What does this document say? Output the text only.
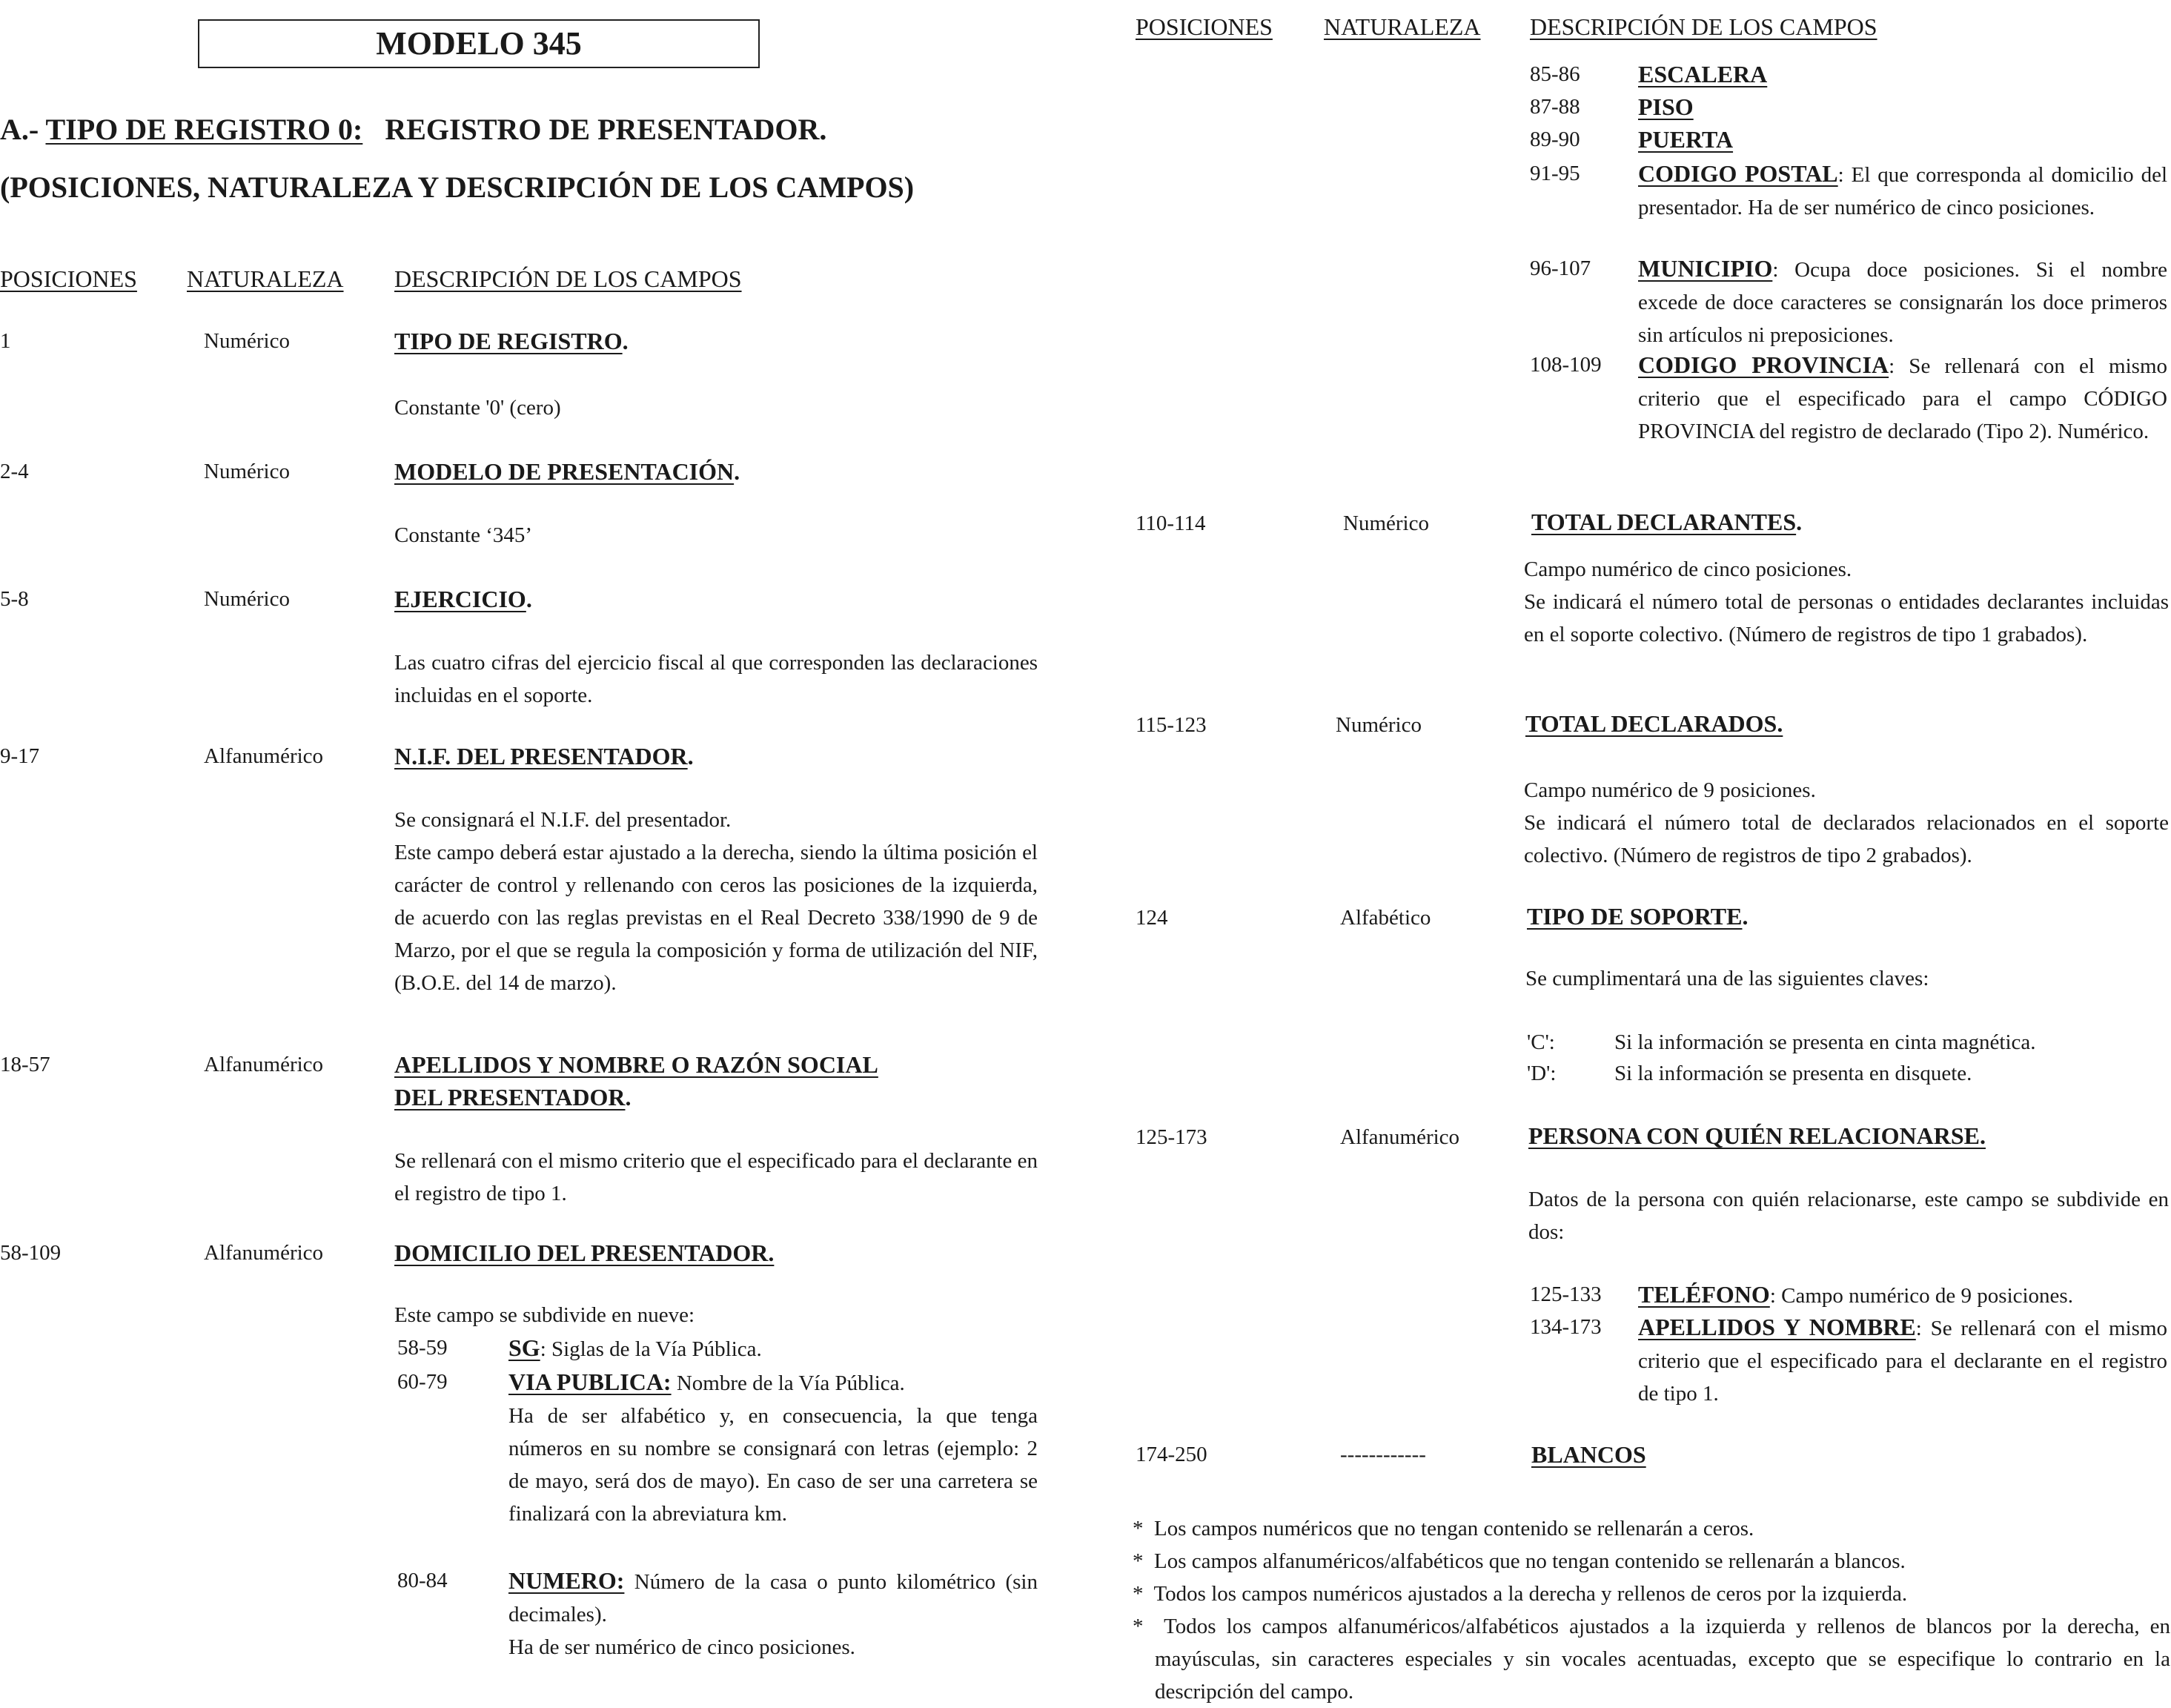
MODELO 345
A.- TIPO DE REGISTRO 0: REGISTRO DE PRESENTADOR.
(POSICIONES, NATURALEZA Y DESCRIPCIÓN DE LOS CAMPOS)
POSICIONES NATURALEZA DESCRIPCIÓN DE LOS CAMPOS
1	Numérico	TIPO DE REGISTRO.
Constante '0' (cero)
2-4	Numérico	MODELO DE PRESENTACIÓN.
Constante ‘345’
5-8	Numérico	EJERCICIO.
Las cuatro cifras del ejercicio fiscal al que corresponden las declaraciones incluidas en el soporte.
9-17	Alfanumérico	N.I.F. DEL PRESENTADOR.
Se consignará el N.I.F. del presentador.
Este campo deberá estar ajustado a la derecha, siendo la última posición el carácter de control y rellenando con ceros las posiciones de la izquierda, de acuerdo con las reglas previstas en el Real Decreto 338/1990 de 9 de Marzo, por el que se regula la composición y forma de utilización del NIF, (B.O.E. del 14 de marzo).
18-57	Alfanumérico	APELLIDOS Y NOMBRE O RAZÓN SOCIAL
DEL PRESENTADOR.
Se rellenará con el mismo criterio que el especificado para el declarante en el registro de tipo 1.
58-109	Alfanumérico	DOMICILIO DEL PRESENTADOR.
Este campo se subdivide en nueve:
58-59	SG: Siglas de la Vía Pública.
60-79	VIA PUBLICA: Nombre de la Vía Pública.
Ha de ser alfabético y, en consecuencia, la que tenga números en su nombre se consignará con letras (ejemplo: 2 de mayo, será dos de mayo). En caso de ser una carretera se finalizará con la abreviatura km.
80-84	NUMERO: Número de la casa o punto kilométrico (sin decimales).
Ha de ser numérico de cinco posiciones.
POSICIONES NATURALEZA DESCRIPCIÓN DE LOS CAMPOS
85-86 ESCALERA
87-88 PISO
89-90 PUERTA
91-95 CODIGO POSTAL: El que corresponda al domicilio del presentador. Ha de ser numérico de cinco posiciones.
96-107 MUNICIPIO: Ocupa doce posiciones. Si el nombre excede de doce caracteres se consignarán los doce primeros sin artículos ni preposiciones.
108-109 CODIGO PROVINCIA: Se rellenará con el mismo criterio que el especificado para el campo CÓDIGO PROVINCIA del registro de declarado (Tipo 2). Numérico.
110-114	Numérico	TOTAL DECLARANTES.
Campo numérico de cinco posiciones.
Se indicará el número total de personas o entidades declarantes incluidas en el soporte colectivo. (Número de registros de tipo 1 grabados).
115-123	Numérico	TOTAL DECLARADOS.
Campo numérico de 9 posiciones.
Se indicará el número total de declarados relacionados en el soporte colectivo. (Número de registros de tipo 2 grabados).
124	Alfabético	TIPO DE SOPORTE.
Se cumplimentará una de las siguientes claves:
'C':	Si la información se presenta en cinta magnética.
'D':	Si la información se presenta en disquete.
125-173	Alfanumérico	PERSONA CON QUIÉN RELACIONARSE.
Datos de la persona con quién relacionarse, este campo se subdivide en dos:
125-133 TELÉFONO: Campo numérico de 9 posiciones.
134-173 APELLIDOS Y NOMBRE: Se rellenará con el mismo criterio que el especificado para el declarante en el registro de tipo 1.
174-250	------------	BLANCOS
* Los campos numéricos que no tengan contenido se rellenarán a ceros.
* Los campos alfanuméricos/alfabéticos que no tengan contenido se rellenarán a blancos.
* Todos los campos numéricos ajustados a la derecha y rellenos de ceros por la izquierda.
* Todos los campos alfanuméricos/alfabéticos ajustados a la izquierda y rellenos de blancos por la derecha, en mayúsculas, sin caracteres especiales y sin vocales acentuadas, excepto que se especifique lo contrario en la descripción del campo.
